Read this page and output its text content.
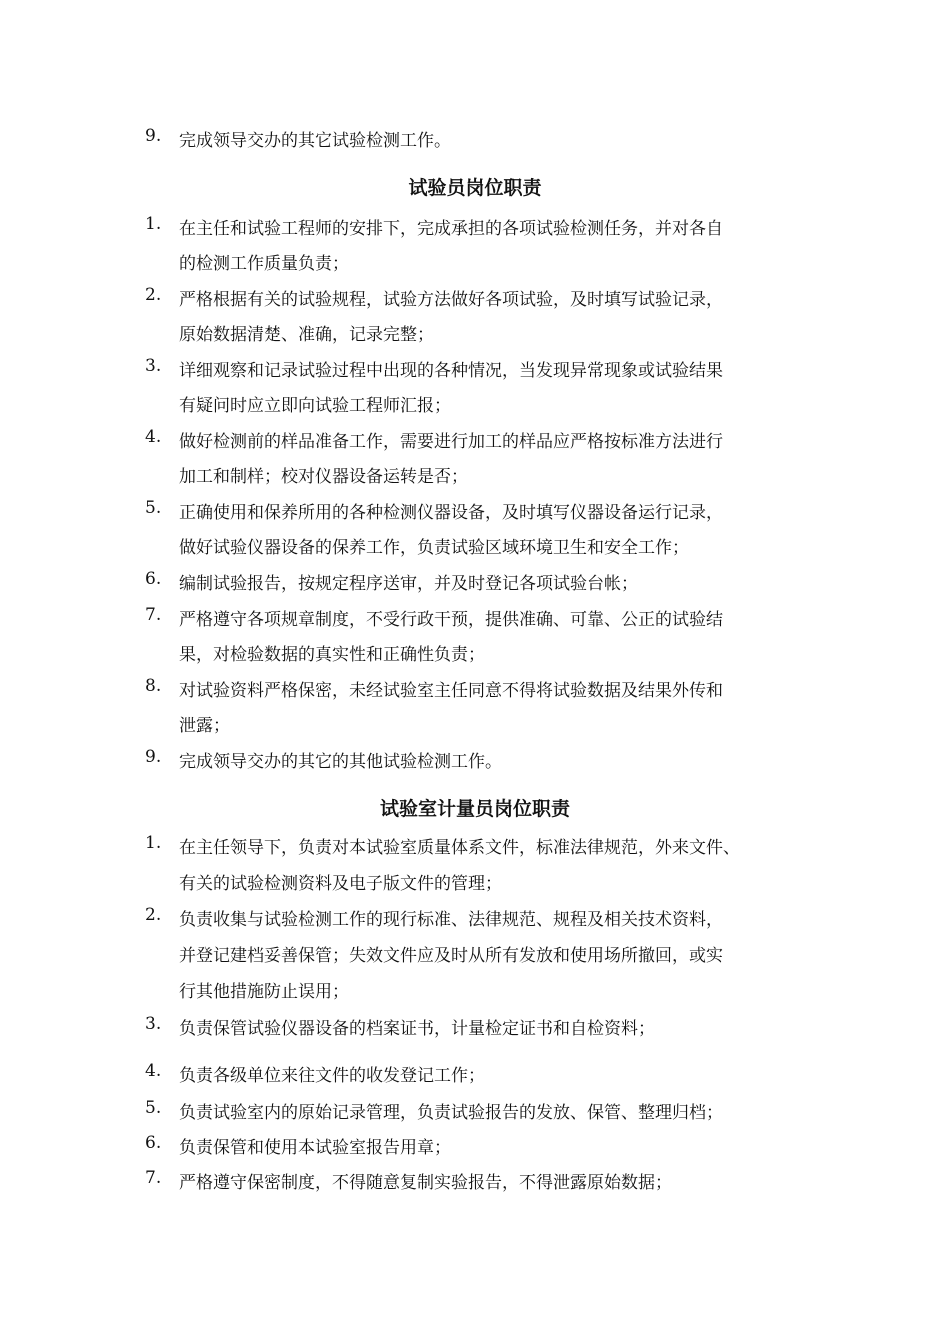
9.	完成领导交办的其它试验检测工作。
试验员岗位职责
1.	在主任和试验工程师的安排下，完成承担的各项试验检测任务，并对各自
的检测工作质量负责；
2.	严格根据有关的试验规程，试验方法做好各项试验，及时填写试验记录，
原始数据清楚、准确，记录完整；
3.	详细观察和记录试验过程中出现的各种情况，当发现异常现象或试验结果
有疑问时应立即向试验工程师汇报；
4.	做好检测前的样品准备工作，需要进行加工的样品应严格按标准方法进行
加工和制样；校对仪器设备运转是否；
5.	正确使用和保养所用的各种检测仪器设备，及时填写仪器设备运行记录，
做好试验仪器设备的保养工作，负责试验区域环境卫生和安全工作；
6.	编制试验报告，按规定程序送审，并及时登记各项试验台帐；
7.	严格遵守各项规章制度，不受行政干预，提供准确、可靠、公正的试验结
果，对检验数据的真实性和正确性负责；
8.	对试验资料严格保密，未经试验室主任同意不得将试验数据及结果外传和
泄露；
9.	完成领导交办的其它的其他试验检测工作。
试验室计量员岗位职责
1.	在主任领导下，负责对本试验室质量体系文件，标准法律规范，外来文件、
有关的试验检测资料及电子版文件的管理；
2.	负责收集与试验检测工作的现行标准、法律规范、规程及相关技术资料，
并登记建档妥善保管；失效文件应及时从所有发放和使用场所撤回，或实
行其他措施防止误用；
3.	负责保管试验仪器设备的档案证书，计量检定证书和自检资料；
4.	负责各级单位来往文件的收发登记工作；
5.	负责试验室内的原始记录管理，负责试验报告的发放、保管、整理归档；
6.	负责保管和使用本试验室报告用章；
7.	严格遵守保密制度，不得随意复制实验报告，不得泄露原始数据；
